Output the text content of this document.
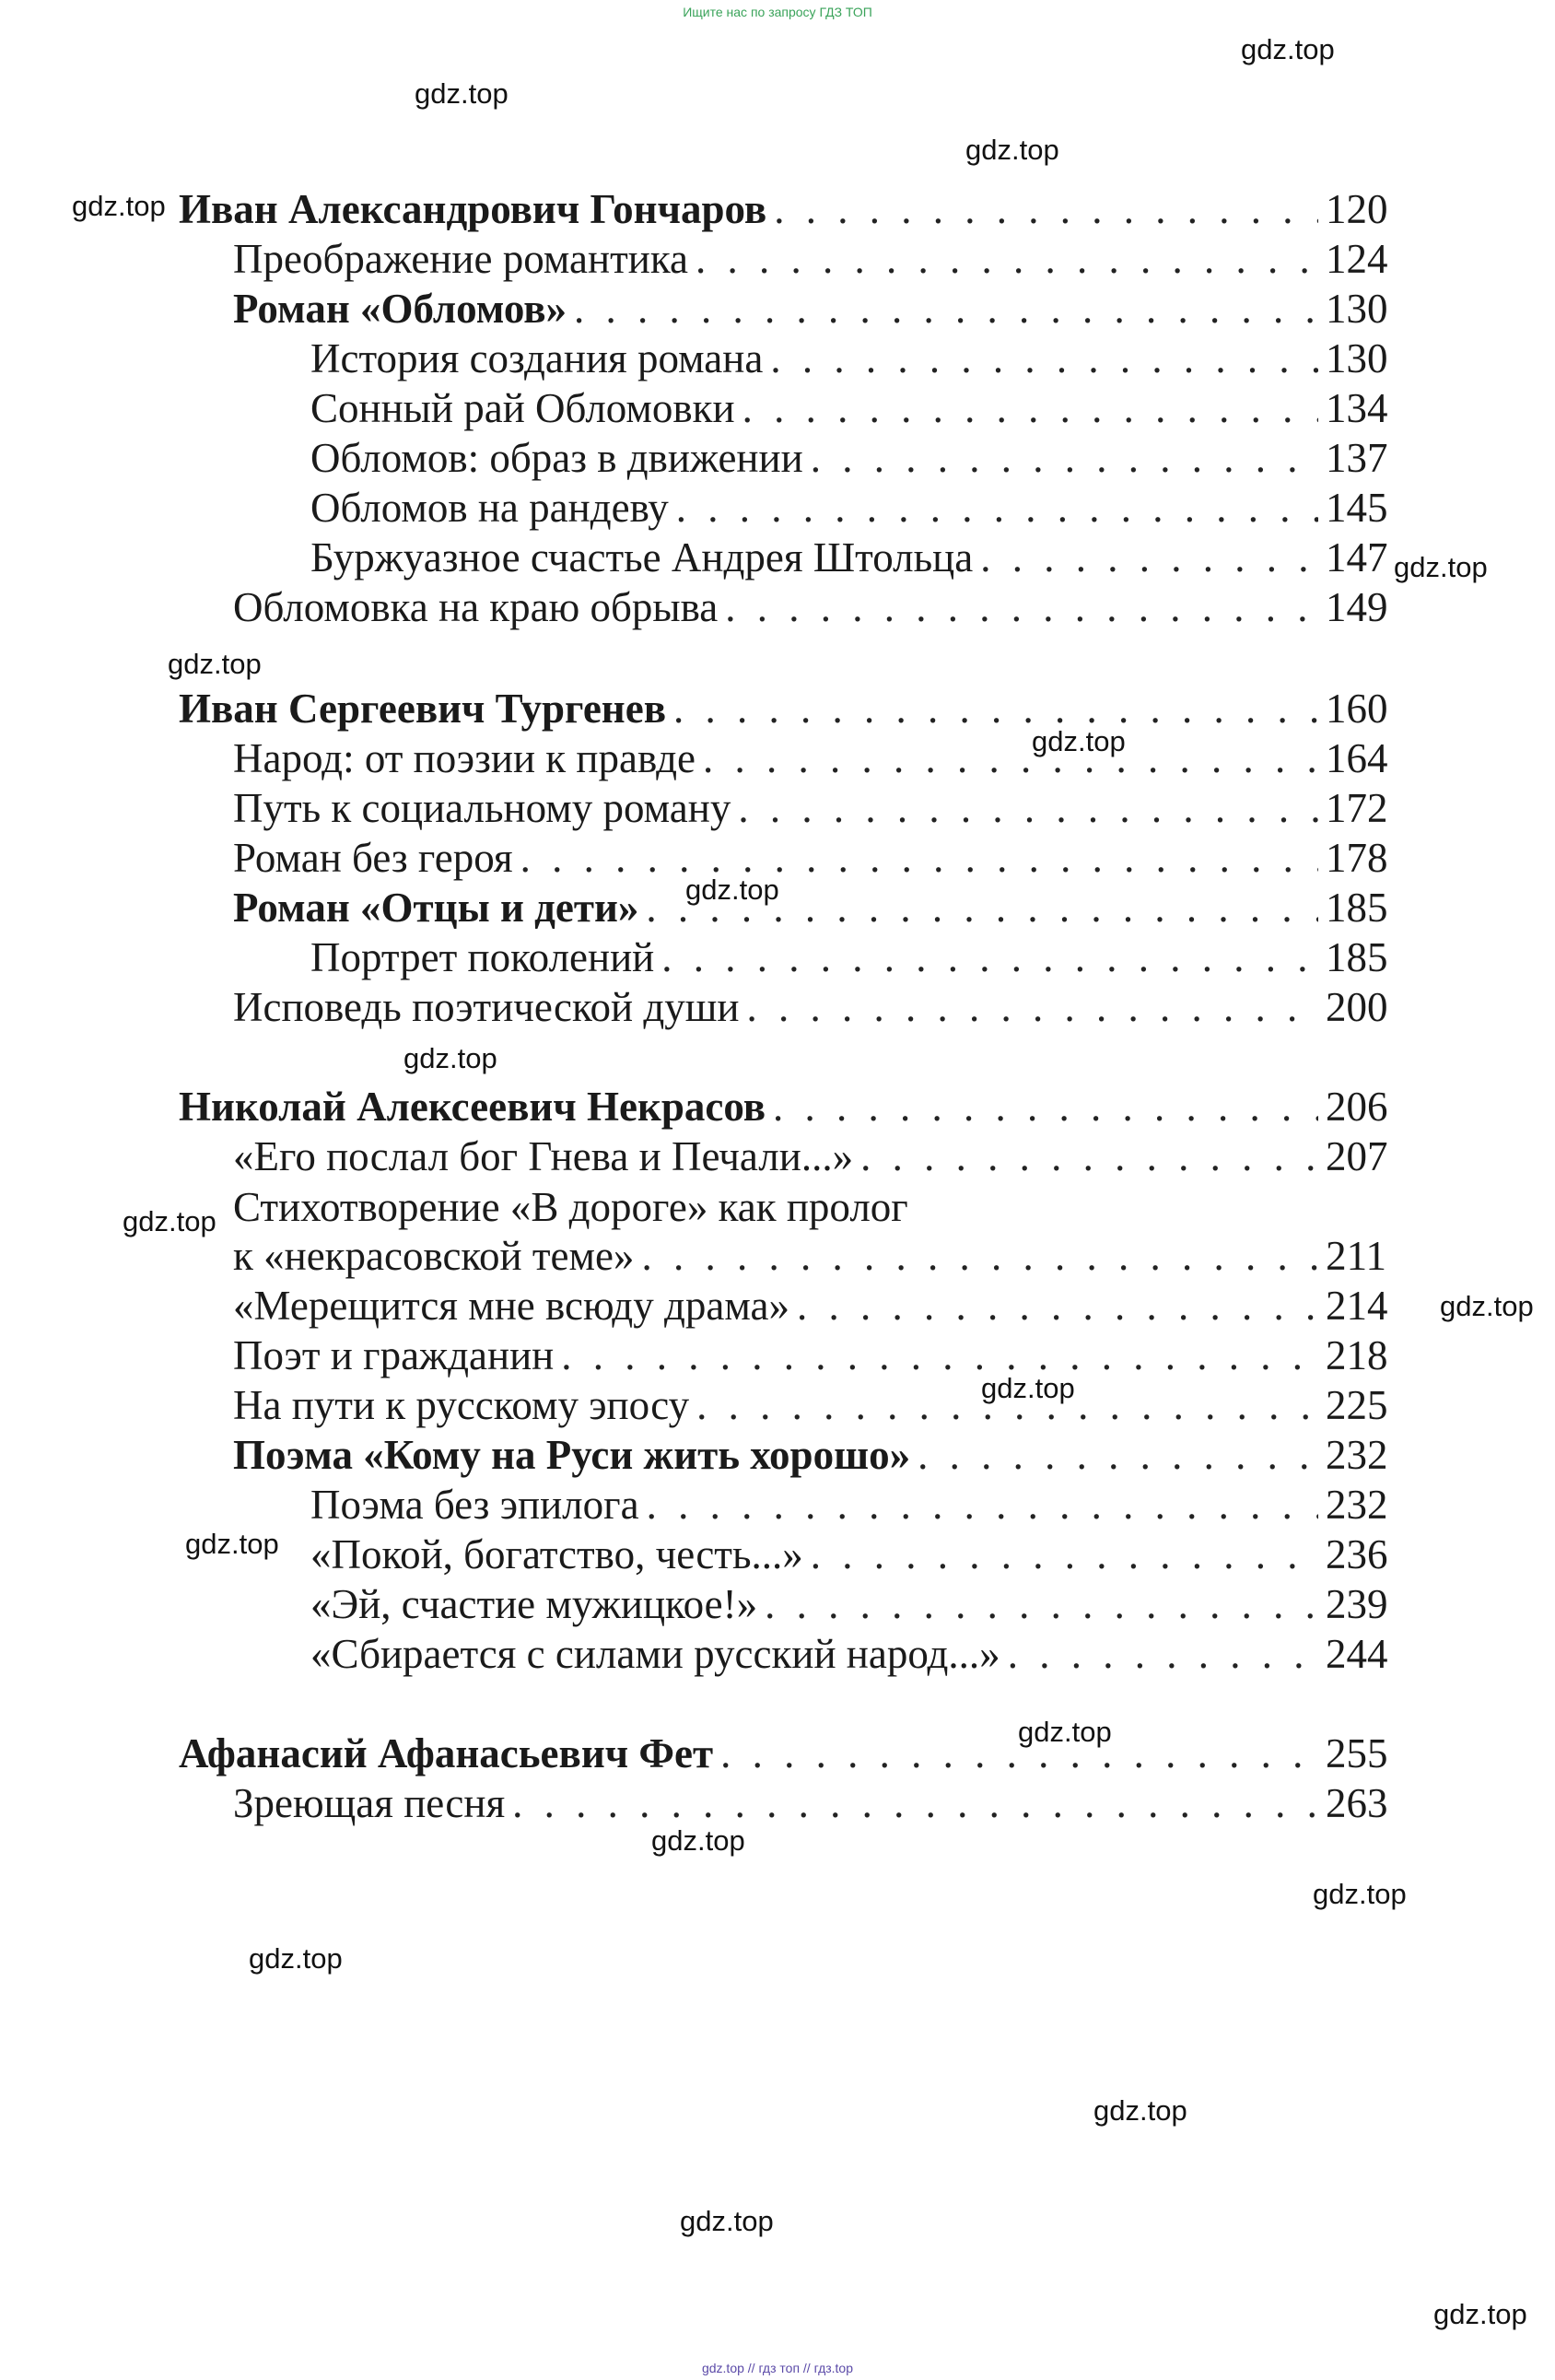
Ищите нас по запросу ГДЗ ТОП
gdz.top
gdz.top
gdz.top
gdz.top
gdz.top
gdz.top
gdz.top
gdz.top
gdz.top
gdz.top
gdz.top
gdz.top
gdz.top
gdz.top
gdz.top
gdz.top
gdz.top
gdz.top
gdz.top
gdz.top
Иван Александрович Гончаров . . .	120
Преображение романтика . . .	124
Роман «Обломов» . . .	130
История создания романа . . .	130
Сонный рай Обломовки . . .	134
Обломов: образ в движении . . .	137
Обломов на рандеву . . .	145
Буржуазное счастье Андрея Штольца . . .	147
Обломовка на краю обрыва . . .	149
Иван Сергеевич Тургенев . . .	160
Народ: от поэзии к правде . . .	164
Путь к социальному роману . . .	172
Роман без героя . . .	178
Роман «Отцы и дети» . . .	185
Портрет поколений . . .	185
Исповедь поэтической души . . .	200
Николай Алексеевич Некрасов . . .	206
«Его послал бог Гнева и Печали...» . . .	207
Стихотворение «В дороге» как пролог
к «некрасовской теме» . . .	211
«Мерещится мне всюду драма» . . .	214
Поэт и гражданин . . .	218
На пути к русскому эпосу . . .	225
Поэма «Кому на Руси жить хорошо» . . .	232
Поэма без эпилога . . .	232
«Покой, богатство, честь...» . . .	236
«Эй, счастие мужицкое!» . . .	239
«Сбирается с силами русский народ...» . . .	244
Афанасий Афанасьевич Фет . . .	255
Зреющая песня . . .	263
gdz.top // гдз топ // гдз.top
